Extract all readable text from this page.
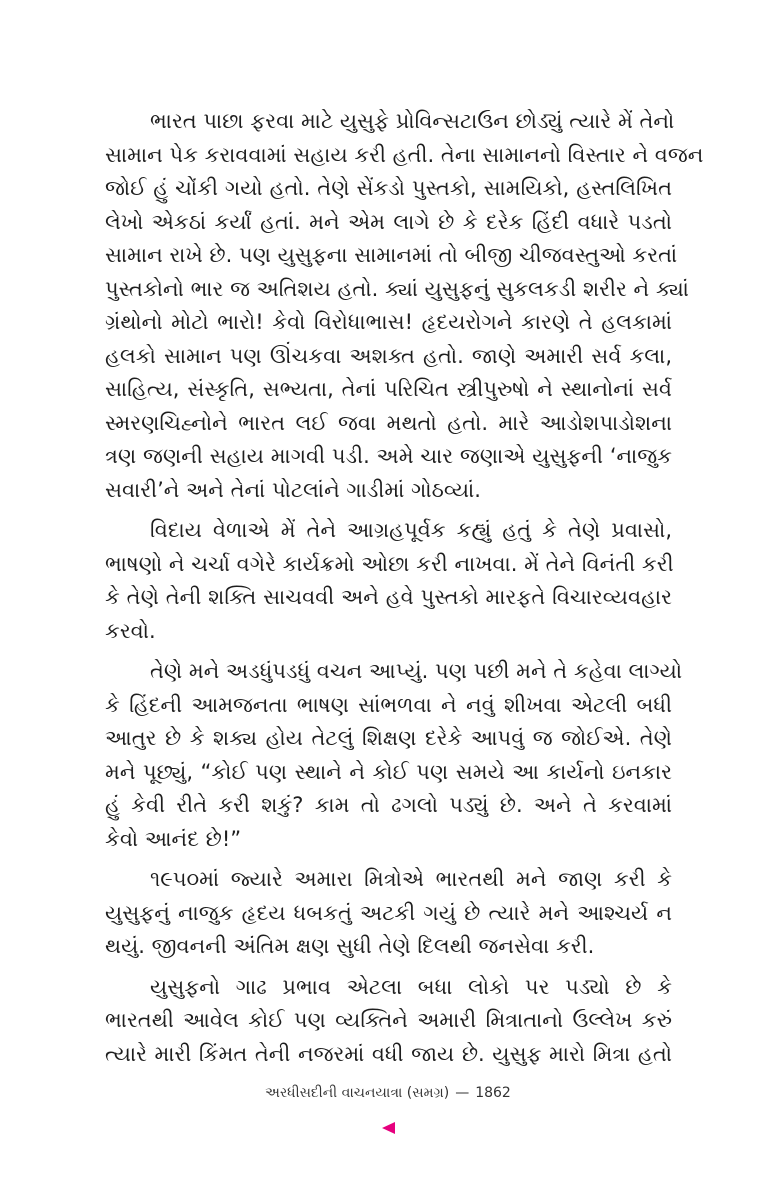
ભારત પાછા ફરવા માટે યુસુફે પ્રોવિન્સટાઉન છોડ્યું ત્યારે મેં તેનો
સામાન પેક કરાવવામાં સહાય કરી હતી. તેના સામાનનો વિસ્તાર ને વજન
જોઈ હું ચોંકી ગયો હતો. તેણે સેંકડો પુસ્તકો, સામયિકો, હસ્તલિખિત
લેખો એકઠાં કર્યાં હતાં. મને એમ લાગે છે કે દરેક હિંદી વધારે પડતો
સામાન રાખે છે. પણ યુસુફના સામાનમાં તો બીજી ચીજવસ્તુઓ કરતાં
પુસ્તકોનો ભાર જ અતિશય હતો. ક્યાં યુસુફનું સુકલકડી શરીર ને ક્યાં
ગ્રંથોનો મોટો ભારો! કેવો વિરોધાભાસ! હૃદયરોગને કારણે તે હલકામાં
હલકો સામાન પણ ઊંચકવા અશક્ત હતો. જાણે અમારી સર્વ કલા,
સાહિત્ય, સંસ્કૃતિ, સભ્યતા, તેનાં પરિચિત સ્ત્રીપુરુષો ને સ્થાનોનાં સર્વ
સ્મરણચિહ્નોને ભારત લઈ જવા મથતો હતો. મારે આડોશપાડોશના
ત્રણ જણની સહાય માગવી પડી. અમે ચાર જણાએ યુસુફની ‘નાજુક
સવારી’ને અને તેનાં પોટલાંને ગાડીમાં ગોઠવ્યાં.
વિદાય વેળાએ મેં તેને આગ્રહપૂર્વક કહ્યું હતું કે તેણે પ્રવાસો,
ભાષણો ને ચર્ચા વગેરે કાર્યક્રમો ઓછા કરી નાખવા. મેં તેને વિનંતી કરી
કે તેણે તેની શક્તિ સાચવવી અને હવે પુસ્તકો મારફતે વિચારવ્યવહાર
કરવો.
તેણે મને અડધુંપડધું વચન આપ્યું. પણ પછી મને તે કહેવા લાગ્યો
કે હિંદની આમજનતા ભાષણ સાંભળવા ને નવું શીખવા એટલી બધી
આતુર છે કે શક્ય હોય તેટલું શિક્ષણ દરેકે આપવું જ જોઈએ. તેણે
મને પૂછ્યું, “કોઈ પણ સ્થાને ને કોઈ પણ સમયે આ કાર્યનો ઇનકાર
હું કેવી રીતે કરી શકું? કામ તો ઢગલો પડ્યું છે. અને તે કરવામાં
કેવો આનંદ છે!”
૧૯૫૦માં જ્યારે અમારા મિત્રોએ ભારતથી મને જાણ કરી કે
યુસુફનું નાજુક હૃદય ધબકતું અટકી ગયું છે ત્યારે મને આશ્ચર્ય ન
થયું. જીવનની અંતિમ ક્ષણ સુધી તેણે દિલથી જનસેવા કરી.
યુસુફનો ગાઢ પ્રભાવ એટલા બધા લોકો પર પડ્યો છે કે
ભારતથી આવેલ કોઈ પણ વ્યક્તિને અમારી મિત્રાતાનો ઉલ્લેખ કરું
ત્યારે મારી કિંમત તેની નજરમાં વધી જાય છે. યુસુફ મારો મિત્રા હતો
અરધીસદીની વાચનયાત્રા (સમગ્ર) — 1862
